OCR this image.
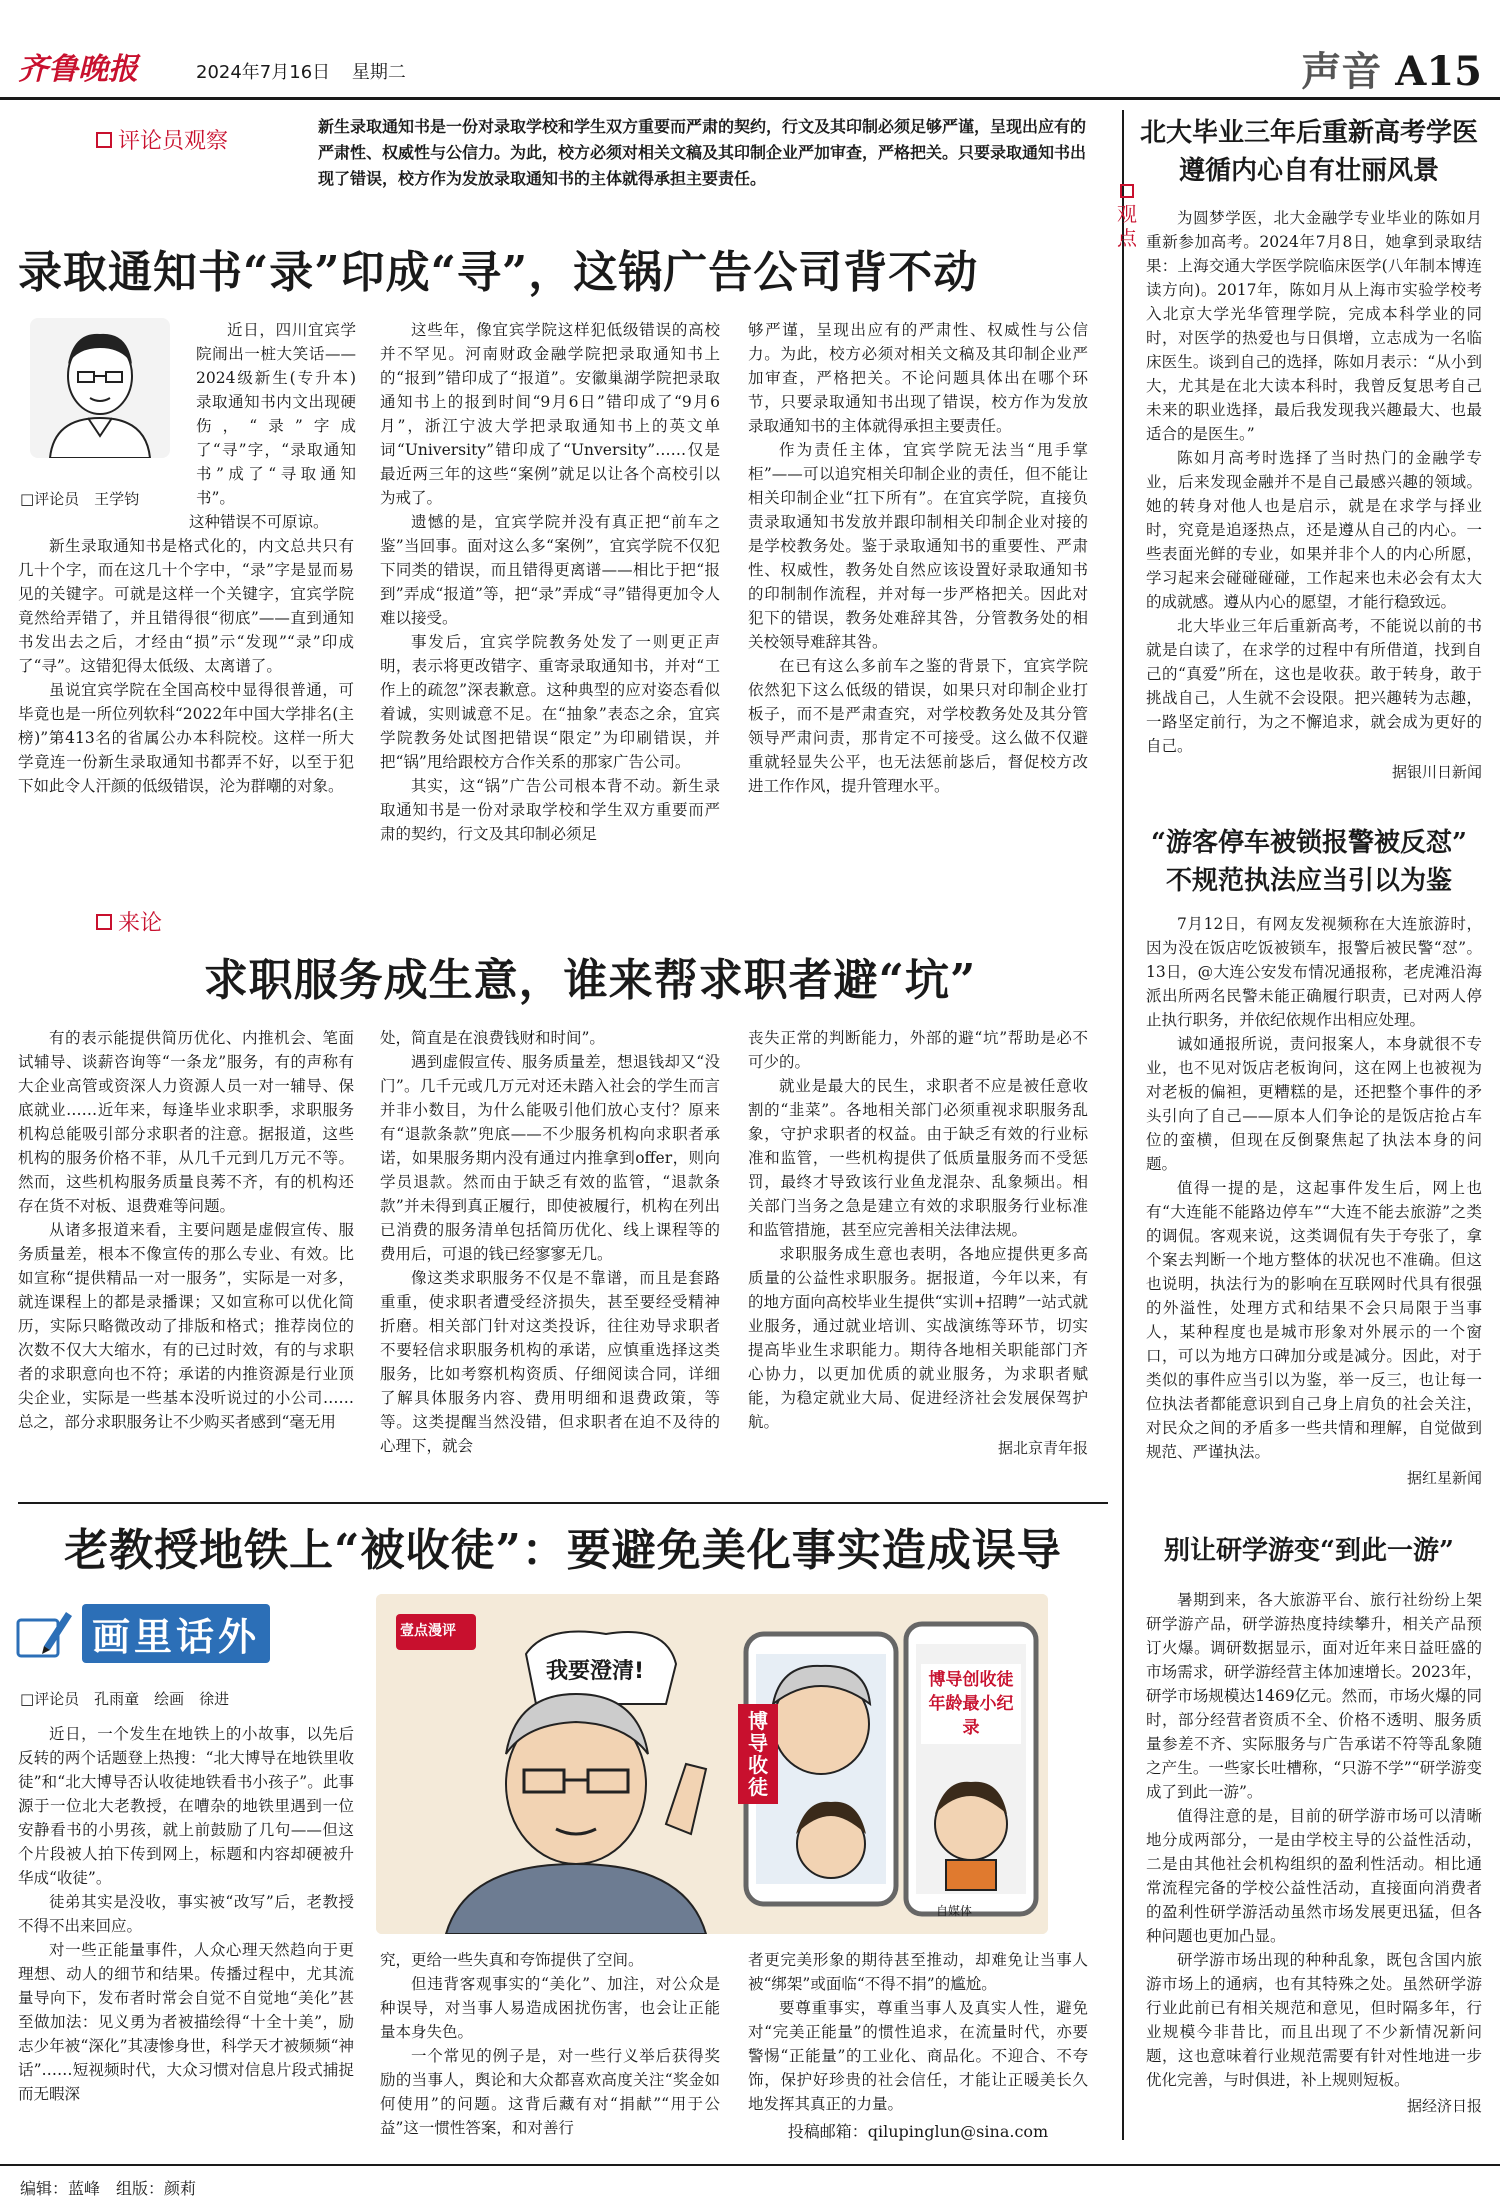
齐鲁晚报	2024年7月16日 星期二	声音 A15
评论员观察
新生录取通知书是一份对录取学校和学生双方重要而严肃的契约，行文及其印制必须足够严谨，呈现出应有的严肃性、权威性与公信力。为此，校方必须对相关文稿及其印制企业严加审查，严格把关。只要录取通知书出现了错误，校方作为发放录取通知书的主体就得承担主要责任。
录取通知书“录”印成“寻”，这锅广告公司背不动
□评论员　王学钧

近日，四川宜宾学院闹出一桩大笑话——2024级新生(专升本)录取通知书内文出现硬伤，“录”字成了“寻”字，“录取通知书”成了“寻取通知书”。

这种错误不可原谅。

新生录取通知书是格式化的，内文总共只有几十个字，而在这几十个字中，“录”字是显而易见的关键字。可就是这样一个关键字，宜宾学院竟然给弄错了，并且错得很“彻底”——直到通知书发出去之后，才经由“损”示“发现”“录”印成了“寻”。这错犯得太低级、太离谱了。

虽说宜宾学院在全国高校中显得很普通，可毕竟也是一所位列软科“2022年中国大学排名(主榜)”第413名的省属公办本科院校。这样一所大学竟连一份新生录取通知书都弄不好，以至于犯下如此令人汗颜的低级错误，沦为群嘲的对象。

这些年，像宜宾学院这样犯低级错误的高校并不罕见。河南财政金融学院把录取通知书上的“报到”错印成了“报道”。安徽巢湖学院把录取通知书上的报到时间“9月6日”错印成了“9月6月”，浙江宁波大学把录取通知书上的英文单词“University”错印成了“Unversity”……仅是最近两三年的这些“案例”就足以让各个高校引以为戒了。

遗憾的是，宜宾学院并没有真正把“前车之鉴”当回事。面对这么多“案例”，宜宾学院不仅犯下同类的错误，而且错得更离谱——相比于把“报到”弄成“报道”等，把“录”弄成“寻”错得更加令人难以接受。

事发后，宜宾学院教务处发了一则更正声明，表示将更改错字、重寄录取通知书，并对“工作上的疏忽”深表歉意。这种典型的应对姿态看似着诚，实则诚意不足。在“抽象”表态之余，宜宾学院教务处试图把错误“限定”为印刷错误，并把“锅”甩给跟校方合作关系的那家广告公司。

其实，这“锅”广告公司根本背不动。新生录取通知书是一份对录取学校和学生双方重要而严肃的契约，行文及其印制必须足

够严谨，呈现出应有的严肃性、权威性与公信力。为此，校方必须对相关文稿及其印制企业严加审查，严格把关。不论问题具体出在哪个环节，只要录取通知书出现了错误，校方作为发放录取通知书的主体就得承担主要责任。

作为责任主体，宜宾学院无法当“甩手掌柜”——可以追究相关印制企业的责任，但不能让相关印制企业“扛下所有”。在宜宾学院，直接负责录取通知书发放并跟印制相关印制企业对接的是学校教务处。鉴于录取通知书的重要性、严肃性、权威性，教务处自然应该设置好录取通知书的印制制作流程，并对每一步严格把关。因此对犯下的错误，教务处难辞其咎，分管教务处的相关校领导难辞其咎。

在已有这么多前车之鉴的背景下，宜宾学院依然犯下这么低级的错误，如果只对印制企业打板子，而不是严肃查究，对学校教务处及其分管领导严肃问责，那肯定不可接受。这么做不仅避重就轻显失公平，也无法惩前毖后，督促校方改进工作作风，提升管理水平。

来论
求职服务成生意，谁来帮求职者避“坑”

有的表示能提供简历优化、内推机会、笔面试辅导、谈薪咨询等“一条龙”服务，有的声称有大企业高管或资深人力资源人员一对一辅导、保底就业……近年来，每逢毕业求职季，求职服务机构总能吸引部分求职者的注意。据报道，这些机构的服务价格不菲，从几千元到几万元不等。然而，这些机构服务质量良莠不齐，有的机构还存在货不对板、退费难等问题。

从诸多报道来看，主要问题是虚假宣传、服务质量差，根本不像宣传的那么专业、有效。比如宣称“提供精品一对一服务”，实际是一对多，就连课程上的都是录播课；又如宣称可以优化简历，实际只略微改动了排版和格式；推荐岗位的次数不仅大大缩水，有的已过时效，有的与求职者的求职意向也不符；承诺的内推资源是行业顶尖企业，实际是一些基本没听说过的小公司……总之，部分求职服务让不少购买者感到“毫无用

处，简直是在浪费钱财和时间”。

遇到虚假宣传、服务质量差，想退钱却又“没门”。几千元或几万元对还未踏入社会的学生而言并非小数目，为什么能吸引他们放心支付？原来有“退款条款”兜底——不少服务机构向求职者承诺，如果服务期内没有通过内推拿到offer，则向学员退款。然而由于缺乏有效的监管，“退款条款”并未得到真正履行，即使被履行，机构在列出已消费的服务清单包括简历优化、线上课程等的费用后，可退的钱已经寥寥无几。

像这类求职服务不仅是不靠谱，而且是套路重重，使求职者遭受经济损失，甚至要经受精神折磨。相关部门针对这类投诉，往往劝导求职者不要轻信求职服务机构的承诺，应慎重选择这类服务，比如考察机构资质、仔细阅读合同，详细了解具体服务内容、费用明细和退费政策，等等。这类提醒当然没错，但求职者在迫不及待的心理下，就会

丧失正常的判断能力，外部的避“坑”帮助是必不可少的。

就业是最大的民生，求职者不应是被任意收割的“韭菜”。各地相关部门必须重视求职服务乱象，守护求职者的权益。由于缺乏有效的行业标准和监管，一些机构提供了低质量服务而不受惩罚，最终才导致该行业鱼龙混杂、乱象频出。相关部门当务之急是建立有效的求职服务行业标准和监管措施，甚至应完善相关法律法规。

求职服务成生意也表明，各地应提供更多高质量的公益性求职服务。据报道，今年以来，有的地方面向高校毕业生提供“实训+招聘”一站式就业服务，通过就业培训、实战演练等环节，切实提高毕业生求职能力。期待各地相关职能部门齐心协力，以更加优质的就业服务，为求职者赋能，为稳定就业大局、促进经济社会发展保驾护航。

据北京青年报
老教授地铁上“被收徒”：要避免美化事实造成误导
画里话外
□评论员　孔雨童　绘画　徐进
壹点漫评
我要澄清!
博导收徒
博导创收徒年龄最小纪录
自媒体

近日，一个发生在地铁上的小故事，以先后反转的两个话题登上热搜：“北大博导在地铁里收徒”和“北大博导否认收徒地铁看书小孩子”。此事源于一位北大老教授，在嘈杂的地铁里遇到一位安静看书的小男孩，就上前鼓励了几句——但这个片段被人拍下传到网上，标题和内容却硬被升华成“收徒”。

徒弟其实是没收，事实被“改写”后，老教授不得不出来回应。

对一些正能量事件，人众心理天然趋向于更理想、动人的细节和结果。传播过程中，尤其流量导向下，发布者时常会自觉不自觉地“美化”甚至做加法：见义勇为者被描绘得“十全十美”，励志少年被“深化”其凄惨身世，科学天才被频频“神话”……短视频时代，大众习惯对信息片段式捕捉而无暇深

究，更给一些失真和夸饰提供了空间。

但违背客观事实的“美化”、加注，对公众是种误导，对当事人易造成困扰伤害，也会让正能量本身失色。

一个常见的例子是，对一些行义举后获得奖励的当事人，舆论和大众都喜欢高度关注“奖金如何使用”的问题。这背后藏有对“捐献”“用于公益”这一惯性答案，和对善行

者更完美形象的期待甚至推动，却难免让当事人被“绑架”或面临“不得不捐”的尴尬。

要尊重事实，尊重当事人及真实人性，避免对“完美正能量”的惯性追求，在流量时代，亦要警惕“正能量”的工业化、商品化。不迎合、不夸饰，保护好珍贵的社会信任，才能让正暖美长久地发挥其真正的力量。

投稿邮箱：qilupinglun@sina.com
北大毕业三年后重新高考学医
遵循内心自有壮丽风景
观点

为圆梦学医，北大金融学专业毕业的陈如月重新参加高考。2024年7月8日，她拿到录取结果：上海交通大学医学院临床医学(八年制本博连读方向)。2017年，陈如月从上海市实验学校考入北京大学光华管理学院，完成本科学业的同时，对医学的热爱也与日俱增，立志成为一名临床医生。谈到自己的选择，陈如月表示：“从小到大，尤其是在北大读本科时，我曾反复思考自己未来的职业选择，最后我发现我兴趣最大、也最适合的是医生。”

陈如月高考时选择了当时热门的金融学专业，后来发现金融并不是自己最感兴趣的领域。她的转身对他人也是启示，就是在求学与择业时，究竟是追逐热点，还是遵从自己的内心。一些表面光鲜的专业，如果并非个人的内心所愿，学习起来会碰碰碰碰，工作起来也未必会有太大的成就感。遵从内心的愿望，才能行稳致远。

北大毕业三年后重新高考，不能说以前的书就是白读了，在求学的过程中有所借道，找到自己的“真爱”所在，这也是收获。敢于转身，敢于挑战自己，人生就不会设限。把兴趣转为志趣，一路坚定前行，为之不懈追求，就会成为更好的自己。

据银川日新闻
“游客停车被锁报警被反怼”
不规范执法应当引以为鉴

7月12日，有网友发视频称在大连旅游时，因为没在饭店吃饭被锁车，报警后被民警“怼”。13日，@大连公安发布情况通报称，老虎滩沿海派出所两名民警未能正确履行职责，已对两人停止执行职务，并依纪依规作出相应处理。

诚如通报所说，责问报案人，本身就很不专业，也不见对饭店老板询问，这在网上也被视为对老板的偏袒，更糟糕的是，还把整个事件的矛头引向了自己——原本人们争论的是饭店抢占车位的蛮横，但现在反倒聚焦起了执法本身的问题。

值得一提的是，这起事件发生后，网上也有“大连能不能路边停车”“大连不能去旅游”之类的调侃。客观来说，这类调侃有失于夸张了，拿个案去判断一个地方整体的状况也不准确。但这也说明，执法行为的影响在互联网时代具有很强的外溢性，处理方式和结果不会只局限于当事人，某种程度也是城市形象对外展示的一个窗口，可以为地方口碑加分或是减分。因此，对于类似的事件应当引以为鉴，举一反三，也让每一位执法者都能意识到自己身上肩负的社会关注，对民众之间的矛盾多一些共情和理解，自觉做到规范、严谨执法。

据红星新闻
别让研学游变“到此一游”

暑期到来，各大旅游平台、旅行社纷纷上架研学游产品，研学游热度持续攀升，相关产品预订火爆。调研数据显示，面对近年来日益旺盛的市场需求，研学游经营主体加速增长。2023年，研学市场规模达1469亿元。然而，市场火爆的同时，部分经营者资质不全、价格不透明、服务质量参差不齐、实际服务与广告承诺不符等乱象随之产生。一些家长吐槽称，“只游不学”“研学游变成了到此一游”。

值得注意的是，目前的研学游市场可以清晰地分成两部分，一是由学校主导的公益性活动，二是由其他社会机构组织的盈利性活动。相比通常流程完备的学校公益性活动，直接面向消费者的盈利性研学游活动虽然市场发展更迅猛，但各种问题也更加凸显。

研学游市场出现的种种乱象，既包含国内旅游市场上的通病，也有其特殊之处。虽然研学游行业此前已有相关规范和意见，但时隔多年，行业规模今非昔比，而且出现了不少新情况新问题，这也意味着行业规范需要有针对性地进一步优化完善，与时俱进，补上规则短板。

据经济日报
编辑：蓝峰　组版：颜莉
